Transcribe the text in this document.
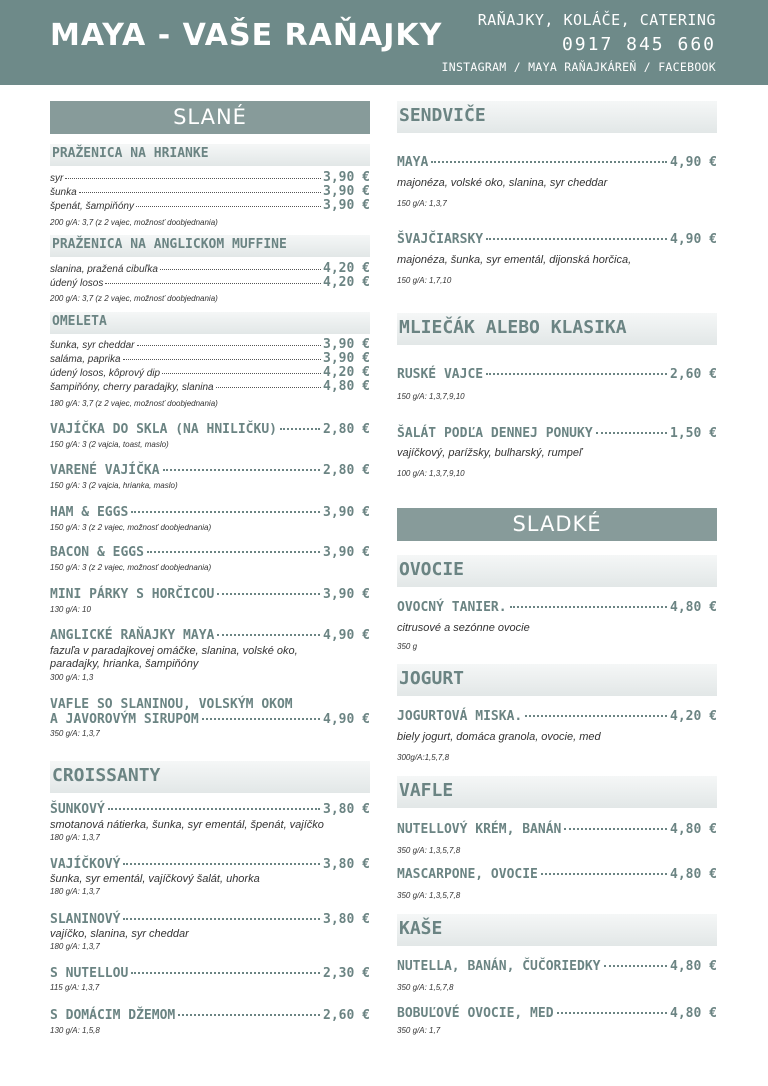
MAYA - VAŠE RAŇAJKY RAŇAJKY, KOLÁČE, CATERING
0917 845 660
INSTAGRAM / MAYA RAŇAJKÁREŇ / FACEBOOK
SLANÉ
PRAŽENICA NA HRIANKE
syr	3,90 €
šunka	3,90 €
špenát, šampiňóny	3,90 €
200 g/A: 3,7 (z 2 vajec, možnosť doobjednania)
PRAŽENICA NA ANGLICKOM MUFFINE
slanina, pražená cibuľka	4,20 €
údený losos	4,20 €
200 g/A: 3,7 (z 2 vajec, možnosť doobjednania)
OMELETA
šunka, syr cheddar	3,90 €
saláma, paprika	3,90 €
údený losos, kôprový dip	4,20 €
šampiňóny, cherry paradajky, slanina	4,80 €
180 g/A: 3,7 (z 2 vajec, možnosť doobjednania)
VAJÍČKA DO SKLA (NA HNILIČKU)	2,80 €
150 g/A: 3 (2 vajcia, toast, maslo)
VARENÉ VAJÍČKA	2,80 €
150 g/A: 3 (2 vajcia, hrianka, maslo)
HAM & EGGS	3,90 €
150 g/A: 3 (z 2 vajec, možnosť doobjednania)
BACON & EGGS	3,90 €
150 g/A: 3 (z 2 vajec, možnosť doobjednania)
MINI PÁRKY S HORČICOU	3,90 €
130 g/A: 10
ANGLICKÉ RAŇAJKY MAYA	4,90 €
fazuľa v paradajkovej omáčke, slanina, volské oko,
paradajky, hrianka, šampiňóny
300 g/A: 1,3
VAFLE SO SLANINOU, VOLSKÝM OKOM
A JAVOROVÝM SIRUPOM	4,90 €
350 g/A: 1,3,7
CROISSANTY
ŠUNKOVÝ	3,80 €
smotanová nátierka, šunka, syr ementál, špenát, vajíčko
180 g/A: 1,3,7
VAJÍČKOVÝ	3,80 €
šunka, syr ementál, vajíčkový šalát, uhorka
180 g/A: 1,3,7
SLANINOVÝ	3,80 €
vajíčko, slanina, syr cheddar
180 g/A: 1,3,7
S NUTELLOU	2,30 €
115 g/A: 1,3,7
S DOMÁCIM DŽEMOM	2,60 €
130 g/A: 1,5,8
SENDVIČE
MAYA	4,90 €
majonéza, volské oko, slanina, syr cheddar
150 g/A: 1,3,7
ŠVAJČIARSKY	4,90 €
majonéza, šunka, syr ementál, dijonská horčica,
150 g/A: 1,7,10
MLIEČÁK ALEBO KLASIKA
RUSKÉ VAJCE	2,60 €
150 g/A: 1,3,7,9,10
ŠALÁT PODĽA DENNEJ PONUKY	1,50 €
vajíčkový, parížsky, bulharský, rumpeľ
100 g/A: 1,3,7,9,10
SLADKÉ
OVOCIE
OVOCNÝ TANIER.	4,80 €
citrusové a sezónne ovocie
350 g
JOGURT
JOGURTOVÁ MISKA.	4,20 €
biely jogurt, domáca granola, ovocie, med
300g/A:1,5,7,8
VAFLE
NUTELLOVÝ KRÉM, BANÁN	4,80 €
350 g/A: 1,3,5,7,8
MASCARPONE, OVOCIE	4,80 €
350 g/A: 1,3,5,7,8
KAŠE
NUTELLA, BANÁN, ČUČORIEDKY	4,80 €
350 g/A: 1,5,7,8
BOBUĽOVÉ OVOCIE, MED	4,80 €
350 g/A: 1,7
